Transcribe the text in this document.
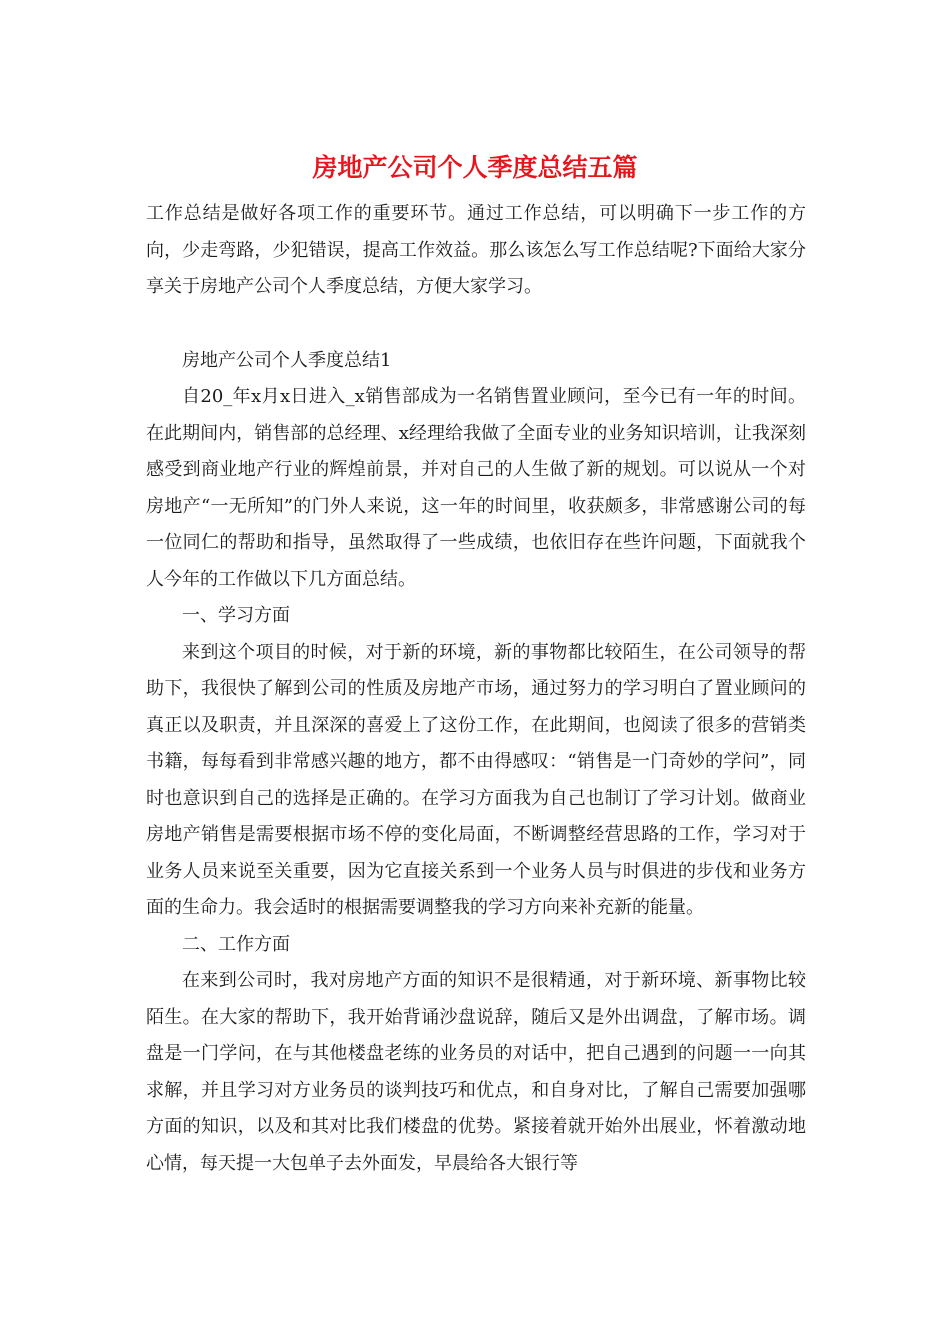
房地产公司个人季度总结五篇

工作总结是做好各项工作的重要环节。通过工作总结，可以明确下一步工作的方向，少走弯路，少犯错误，提高工作效益。那么该怎么写工作总结呢?下面给大家分享关于房地产公司个人季度总结，方便大家学习。

房地产公司个人季度总结1

自20_年x月x日进入_x销售部成为一名销售置业顾问，至今已有一年的时间。在此期间内，销售部的总经理、x经理给我做了全面专业的业务知识培训，让我深刻感受到商业地产行业的辉煌前景，并对自己的人生做了新的规划。可以说从一个对房地产“一无所知”的门外人来说，这一年的时间里，收获颇多，非常感谢公司的每一位同仁的帮助和指导，虽然取得了一些成绩，也依旧存在些许问题，下面就我个人今年的工作做以下几方面总结。

一、学习方面

来到这个项目的时候，对于新的环境，新的事物都比较陌生，在公司领导的帮助下，我很快了解到公司的性质及房地产市场，通过努力的学习明白了置业顾问的真正以及职责，并且深深的喜爱上了这份工作，在此期间，也阅读了很多的营销类书籍，每每看到非常感兴趣的地方，都不由得感叹：“销售是一门奇妙的学问”，同时也意识到自己的选择是正确的。在学习方面我为自己也制订了学习计划。做商业房地产销售是需要根据市场不停的变化局面，不断调整经营思路的工作，学习对于业务人员来说至关重要，因为它直接关系到一个业务人员与时俱进的步伐和业务方面的生命力。我会适时的根据需要调整我的学习方向来补充新的能量。

二、工作方面

在来到公司时，我对房地产方面的知识不是很精通，对于新环境、新事物比较陌生。在大家的帮助下，我开始背诵沙盘说辞，随后又是外出调盘，了解市场。调盘是一门学问，在与其他楼盘老练的业务员的对话中，把自己遇到的问题一一向其求解，并且学习对方业务员的谈判技巧和优点，和自身对比，了解自己需要加强哪方面的知识，以及和其对比我们楼盘的优势。紧接着就开始外出展业，怀着激动地心情，每天提一大包单子去外面发，早晨给各大银行等
